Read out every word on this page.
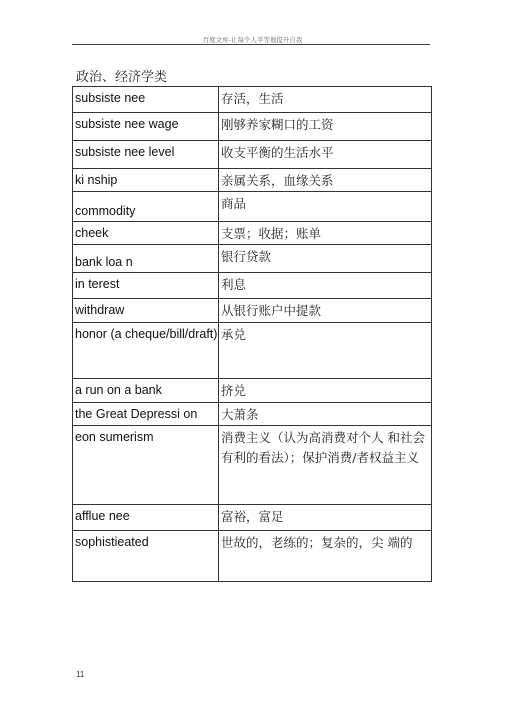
百度文库-让每个人平等地提升自我
政治、经济学类
subsiste nee	存活，生活
subsiste nee wage	刚够养家糊口的工资
subsiste nee level	收支平衡的生活水平
ki nship	亲属关系，血缘关系
commodity	商品
cheek	支票；收据；账单
bank loa n	银行贷款
in terest	利息
withdraw	从银行账户中提款
honor (a cheque/bill/draft)	承兑
a run on a bank	挤兑
the Great Depressi on	大萧条
eon sumerism	消费主义（认为高消费对个人 和社会有利的看法）；保护消费/者权益主义
afflue nee	富裕，富足
sophistieated	世故的，老练的；复杂的，尖 端的
11
